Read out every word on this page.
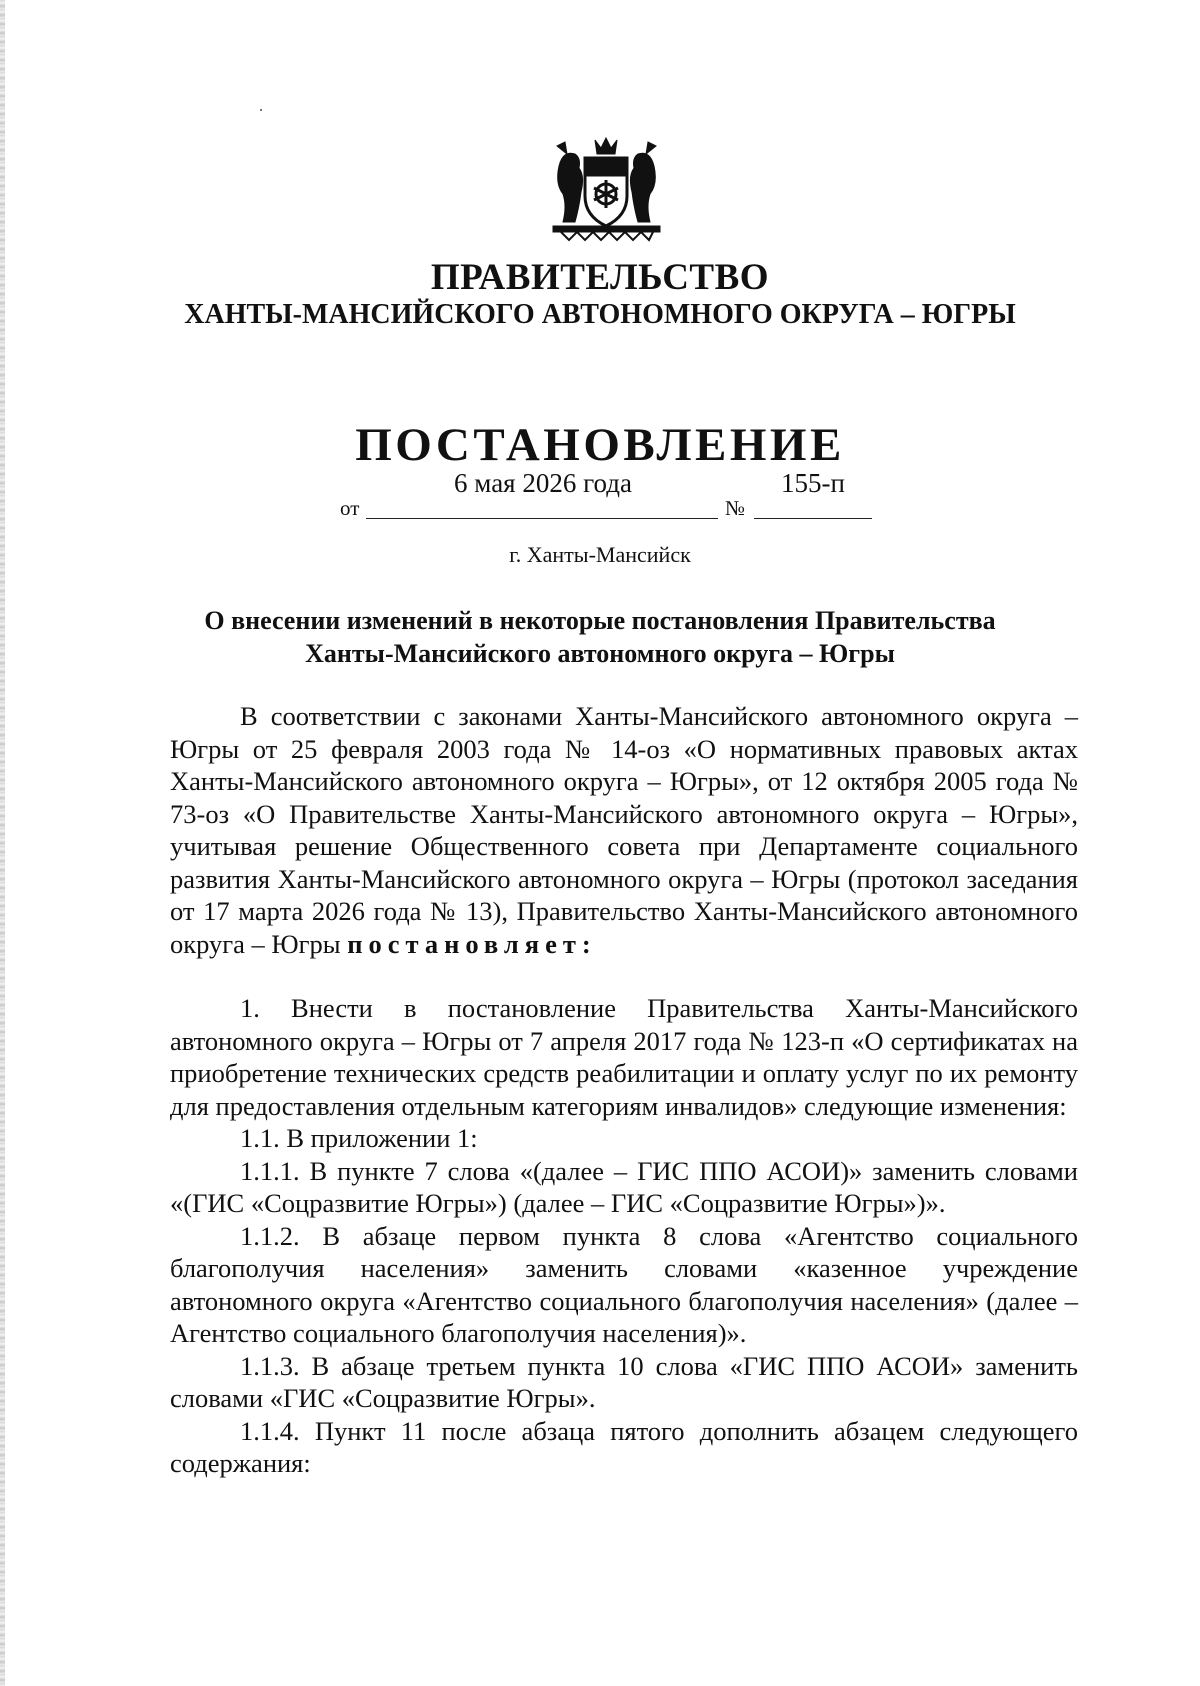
ПРАВИТЕЛЬСТВО
ХАНТЫ-МАНСИЙСКОГО АВТОНОМНОГО ОКРУГА – ЮГРЫ
ПОСТАНОВЛЕНИЕ
от
6 мая 2026 года
№
155-п
г. Ханты-Мансийск
О внесении изменений в некоторые постановления Правительства
Ханты-Мансийского автономного округа – Югры

В соответствии с законами Ханты-Мансийского автономного округа – Югры от 25 февраля 2003 года № 14-оз «О нормативных правовых актах Ханты-Мансийского автономного округа – Югры», от 12 октября 2005 года № 73-оз «О Правительстве Ханты-Мансийского автономного округа – Югры», учитывая решение Общественного совета при Департаменте социального развития Ханты-Мансийского автономного округа – Югры (протокол заседания от 17 марта 2026 года № 13), Правительство Ханты-Мансийского автономного округа – Югры постановляет:

1. Внести в постановление Правительства Ханты-Мансийского автономного округа – Югры от 7 апреля 2017 года № 123-п «О сертификатах на приобретение технических средств реабилитации и оплату услуг по их ремонту для предоставления отдельным категориям инвалидов» следующие изменения:

1.1. В приложении 1:

1.1.1. В пункте 7 слова «(далее – ГИС ППО АСОИ)» заменить словами «(ГИС «Соцразвитие Югры») (далее – ГИС «Соцразвитие Югры»)».

1.1.2. В абзаце первом пункта 8 слова «Агентство социального благополучия населения» заменить словами «казенное учреждение автономного округа «Агентство социального благополучия населения» (далее – Агентство социального благополучия населения)».

1.1.3. В абзаце третьем пункта 10 слова «ГИС ППО АСОИ» заменить словами «ГИС «Соцразвитие Югры».

1.1.4. Пункт 11 после абзаца пятого дополнить абзацем следующего содержания:
